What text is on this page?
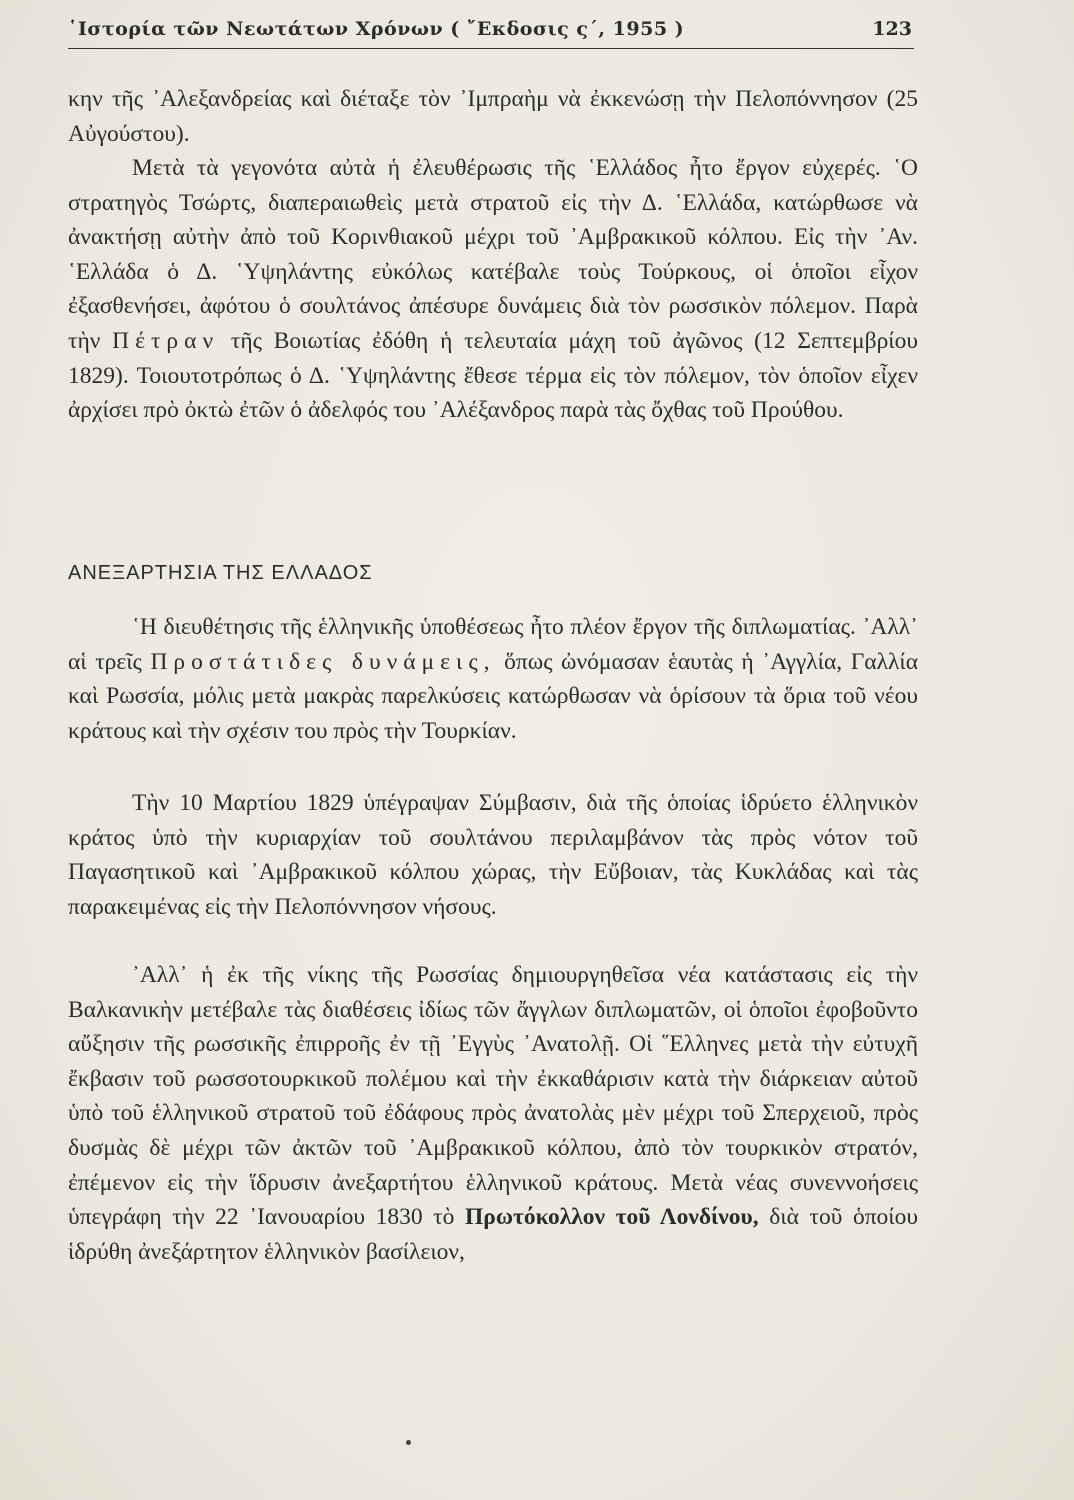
῾Ιστορία τῶν Νεωτάτων Χρόνων ( ῎Εκδοσις ς΄, 1955 )	123
κην τῆς ᾿Αλεξανδρείας καὶ διέταξε τὸν ᾿Ιμπραὴμ νὰ ἐκκενώσῃ τὴν Πελοπόννησον (25 Αὐγούστου).
Μετὰ τὰ γεγονότα αὐτὰ ἡ ἐλευθέρωσις τῆς ῾Ελλάδος ἦτο ἔργον εὐχερές. ῾Ο στρατηγὸς Τσώρτς, διαπεραιωθεὶς μετὰ στρατοῦ εἰς τὴν Δ. ῾Ελλάδα, κατώρθωσε νὰ ἀνακτήσῃ αὐτὴν ἀπὸ τοῦ Κορινθιακοῦ μέχρι τοῦ ᾿Αμβρακικοῦ κόλπου. Εἰς τὴν ᾿Αν. ῾Ελλάδα ὁ Δ. ῾Υψηλάντης εὐκόλως κατέβαλε τοὺς Τούρκους, οἱ ὁποῖοι εἶχον ἐξασθενήσει, ἀφότου ὁ σουλτάνος ἀπέσυρε δυνάμεις διὰ τὸν ρωσσικὸν πόλεμον. Παρὰ τὴν Πέτραν τῆς Βοιωτίας ἐδόθη ἡ τελευταία μάχη τοῦ ἀγῶνος (12 Σεπτεμβρίου 1829). Τοιουτοτρόπως ὁ Δ. ῾Υψηλάντης ἔθεσε τέρμα εἰς τὸν πόλεμον, τὸν ὁποῖον εἶχεν ἀρχίσει πρὸ ὀκτὼ ἐτῶν ὁ ἀδελφός του ᾿Αλέξανδρος παρὰ τὰς ὄχθας τοῦ Προύθου.
ΑΝΕΞΑΡΤΗΣΙΑ ΤΗΣ ΕΛΛΑΔΟΣ
῾Η διευθέτησις τῆς ἑλληνικῆς ὑποθέσεως ἦτο πλέον ἔργον τῆς διπλωματίας. ᾿Αλλ᾿ αἱ τρεῖς Προστάτιδες δυνάμεις, ὅπως ὠνόμασαν ἑαυτὰς ἡ ᾿Αγγλία, Γαλλία καὶ Ρωσσία, μόλις μετὰ μακρὰς παρελκύσεις κατώρθωσαν νὰ ὁρίσουν τὰ ὅρια τοῦ νέου κράτους καὶ τὴν σχέσιν του πρὸς τὴν Τουρκίαν.
Τὴν 10 Μαρτίου 1829 ὑπέγραψαν Σύμβασιν, διὰ τῆς ὁποίας ἱδρύετο ἑλληνικὸν κράτος ὑπὸ τὴν κυριαρχίαν τοῦ σουλτάνου περιλαμβάνον τὰς πρὸς νότον τοῦ Παγασητικοῦ καὶ ᾿Αμβρακικοῦ κόλπου χώρας, τὴν Εὔβοιαν, τὰς Κυκλάδας καὶ τὰς παρακειμένας εἰς τὴν Πελοπόννησον νήσους.
᾿Αλλ᾿ ἡ ἐκ τῆς νίκης τῆς Ρωσσίας δημιουργηθεῖσα νέα κατάστασις εἰς τὴν Βαλκανικὴν μετέβαλε τὰς διαθέσεις ἰδίως τῶν ἄγγλων διπλωματῶν, οἱ ὁποῖοι ἐφοβοῦντο αὔξησιν τῆς ρωσσικῆς ἐπιρροῆς ἐν τῇ ᾿Εγγὺς ᾿Ανατολῇ. Οἱ ῞Ελληνες μετὰ τὴν εὐτυχῆ ἔκβασιν τοῦ ρωσσοτουρκικοῦ πολέμου καὶ τὴν ἐκκαθάρισιν κατὰ τὴν διάρκειαν αὐτοῦ ὑπὸ τοῦ ἑλληνικοῦ στρατοῦ τοῦ ἐδάφους πρὸς ἀνατολὰς μὲν μέχρι τοῦ Σπερχειοῦ, πρὸς δυσμὰς δὲ μέχρι τῶν ἀκτῶν τοῦ ᾿Αμβρακικοῦ κόλπου, ἀπὸ τὸν τουρκικὸν στρατόν, ἐπέμενον εἰς τὴν ἵδρυσιν ἀνεξαρτήτου ἑλληνικοῦ κράτους. Μετὰ νέας συνεννοήσεις ὑπεγράφη τὴν 22 ᾿Ιανουαρίου 1830 τὸ Πρωτόκολλον τοῦ Λονδίνου, διὰ τοῦ ὁποίου ἱδρύθη ἀνεξάρτητον ἑλληνικὸν βασίλειον,
